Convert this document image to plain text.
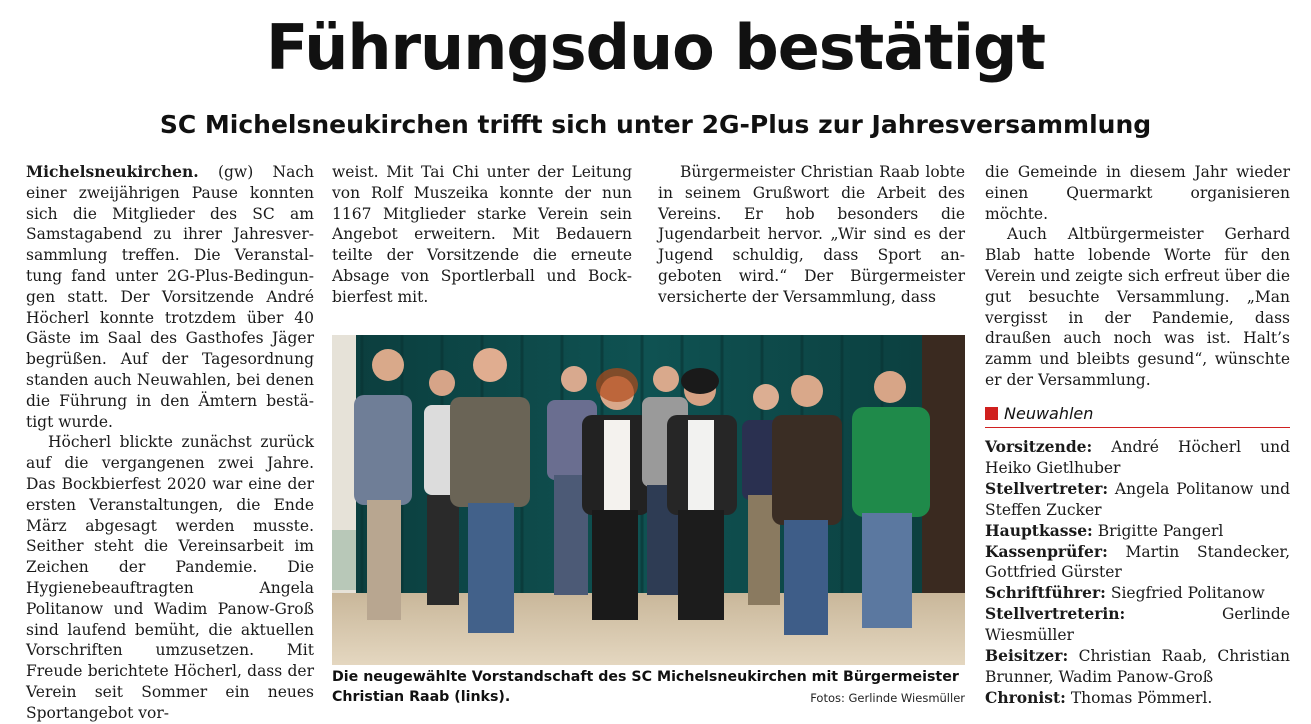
Führungsduo bestätigt
SC Michelsneukirchen trifft sich unter 2G-Plus zur Jahresversammlung

Michelsneukirchen. (gw) Nach einer zweijährigen Pause konnten sich die Mitglieder des SC am Samstagabend zu ihrer Jahresversammlung treffen. Die Veranstaltung fand unter 2G-Plus-Bedingungen statt. Der Vorsitzende André Höcherl konnte trotzdem über 40 Gäste im Saal des Gasthofes Jäger begrüßen. Auf der Tagesordnung standen auch Neuwahlen, bei denen die Führung in den Ämtern bestätigt wurde.

Höcherl blickte zunächst zurück auf die vergangenen zwei Jahre. Das Bockbierfest 2020 war eine der ersten Veranstaltungen, die Ende März abgesagt werden musste. Seither steht die Vereinsarbeit im Zeichen der Pandemie. Die Hygienebeauftragten Angela Politanow und Wadim Panow-Groß sind laufend bemüht, die aktuellen Vorschriften umzusetzen. Mit Freude berichtete Höcherl, dass der Verein seit Sommer ein neues Sportangebot vor-

weist. Mit Tai Chi unter der Leitung von Rolf Muszeika konnte der nun 1167 Mitglieder starke Verein sein Angebot erweitern. Mit Bedauern teilte der Vorsitzende die erneute Absage von Sportlerball und Bockbierfest mit.

Bürgermeister Christian Raab lobte in seinem Grußwort die Arbeit des Vereins. Er hob besonders die Jugendarbeit hervor. „Wir sind es der Jugend schuldig, dass Sport angeboten wird.“ Der Bürgermeister versicherte der Versammlung, dass

die Gemeinde in diesem Jahr wieder einen Quermarkt organisieren möchte.

Auch Altbürgermeister Gerhard Blab hatte lobende Worte für den Verein und zeigte sich erfreut über die gut besuchte Versammlung. „Man vergisst in der Pandemie, dass draußen auch noch was ist. Halt’s zamm und bleibts gesund“, wünschte er der Versammlung.

Die neugewählte Vorstandschaft des SC Michelsneukirchen mit Bürgermeister Christian Raab (links).	Fotos: Gerlinde Wiesmüller
Neuwahlen

Vorsitzende: André Höcherl und Heiko Gietlhuber

Stellvertreter: Angela Politanow und Steffen Zucker

Hauptkasse: Brigitte Pangerl

Kassenprüfer: Martin Standecker, Gottfried Gürster

Schriftführer: Siegfried Politanow

Stellvertreterin: Gerlinde Wiesmüller

Beisitzer: Christian Raab, Christian Brunner, Wadim Panow-Groß

Chronist: Thomas Pömmerl.
